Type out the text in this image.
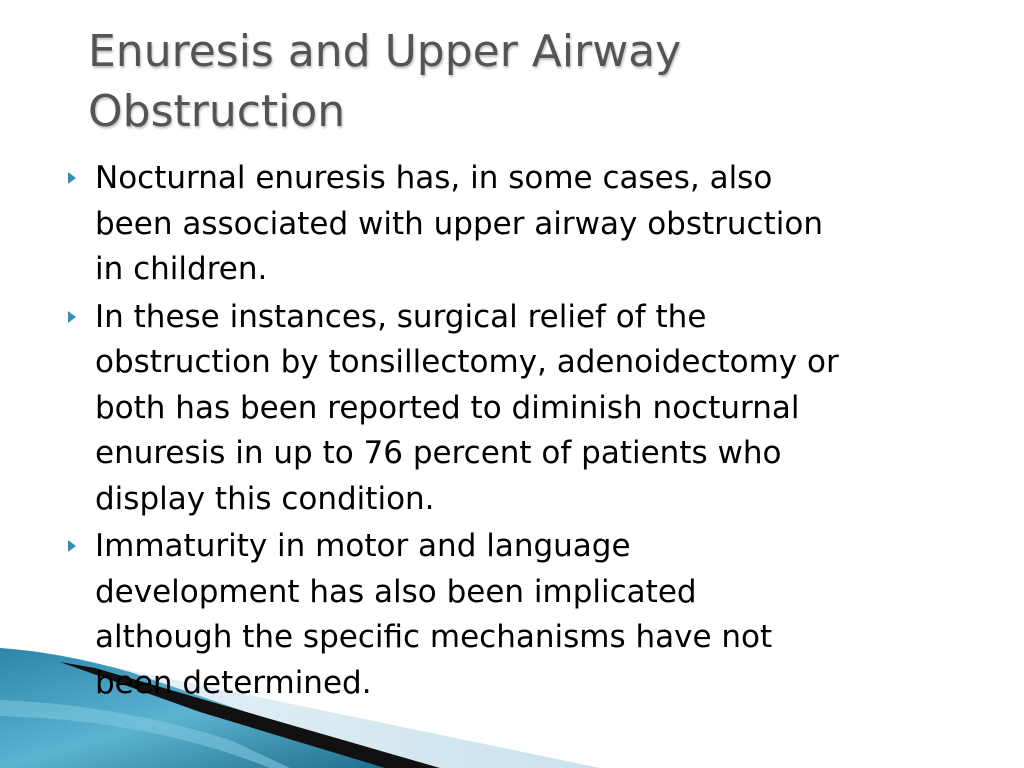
Enuresis and Upper Airway
Obstruction
Nocturnal enuresis has, in some cases, also
been associated with upper airway obstruction
in children.
In these instances, surgical relief of the
obstruction by tonsillectomy, adenoidectomy or
both has been reported to diminish nocturnal
enuresis in up to 76 percent of patients who
display this condition.
Immaturity in motor and language
development has also been implicated
although the specific mechanisms have not
been determined.
